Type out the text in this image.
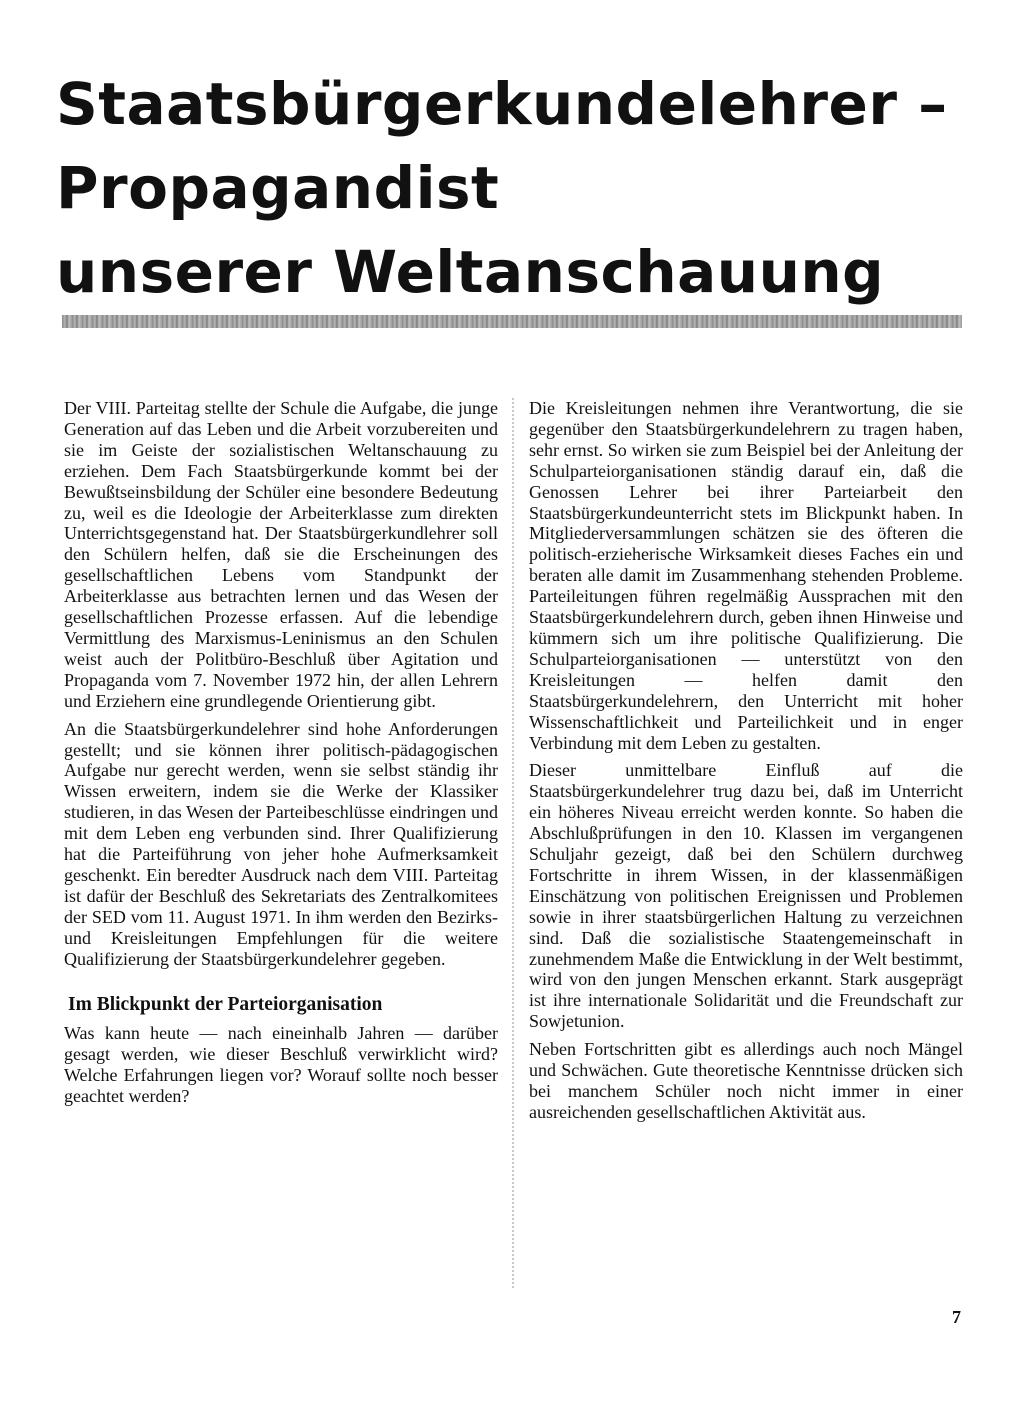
Staatsbürgerkundelehrer –
Propagandist
unserer Weltanschauung

Der VIII. Parteitag stellte der Schule die Aufgabe, die junge Generation auf das Leben und die Arbeit vorzubereiten und sie im Geiste der sozialistischen Weltanschauung zu erziehen. Dem Fach Staatsbürgerkunde kommt bei der Bewußtseinsbildung der Schüler eine besondere Bedeutung zu, weil es die Ideologie der Arbeiterklasse zum direkten Unterrichtsgegenstand hat. Der Staatsbürgerkundlehrer soll den Schülern helfen, daß sie die Erscheinungen des gesellschaftlichen Lebens vom Standpunkt der Arbeiterklasse aus betrachten lernen und das Wesen der gesellschaftlichen Prozesse erfassen. Auf die lebendige Vermittlung des Marxismus-Leninismus an den Schulen weist auch der Politbüro-Beschluß über Agitation und Propaganda vom 7. November 1972 hin, der allen Lehrern und Erziehern eine grundlegende Orientierung gibt.

An die Staatsbürgerkundelehrer sind hohe Anforderungen gestellt; und sie können ihrer politisch-pädagogischen Aufgabe nur gerecht werden, wenn sie selbst ständig ihr Wissen erweitern, indem sie die Werke der Klassiker studieren, in das Wesen der Parteibeschlüsse eindringen und mit dem Leben eng verbunden sind. Ihrer Qualifizierung hat die Parteiführung von jeher hohe Aufmerksamkeit geschenkt. Ein beredter Ausdruck nach dem VIII. Parteitag ist dafür der Beschluß des Sekretariats des Zentralkomitees der SED vom 11. August 1971. In ihm werden den Bezirks- und Kreisleitungen Empfehlungen für die weitere Qualifizierung der Staatsbürgerkundelehrer gegeben.

Im Blickpunkt der Parteiorganisation

Was kann heute — nach eineinhalb Jahren — darüber gesagt werden, wie dieser Beschluß verwirklicht wird? Welche Erfahrungen liegen vor? Worauf sollte noch besser geachtet werden?

Die Kreisleitungen nehmen ihre Verantwortung, die sie gegenüber den Staatsbürgerkundelehrern zu tragen haben, sehr ernst. So wirken sie zum Beispiel bei der Anleitung der Schulparteiorganisationen ständig darauf ein, daß die Genossen Lehrer bei ihrer Parteiarbeit den Staatsbürgerkundeunterricht stets im Blickpunkt haben. In Mitgliederversammlungen schätzen sie des öfteren die politisch-erzieherische Wirksamkeit dieses Faches ein und beraten alle damit im Zusammenhang stehenden Probleme. Parteileitungen führen regelmäßig Aussprachen mit den Staatsbürgerkundelehrern durch, geben ihnen Hinweise und kümmern sich um ihre politische Qualifizierung. Die Schulparteiorganisationen — unterstützt von den Kreisleitungen — helfen damit den Staatsbürgerkundelehrern, den Unterricht mit hoher Wissenschaftlichkeit und Parteilichkeit und in enger Verbindung mit dem Leben zu gestalten.

Dieser unmittelbare Einfluß auf die Staatsbürgerkundelehrer trug dazu bei, daß im Unterricht ein höheres Niveau erreicht werden konnte. So haben die Abschlußprüfungen in den 10. Klassen im vergangenen Schuljahr gezeigt, daß bei den Schülern durchweg Fortschritte in ihrem Wissen, in der klassenmäßigen Einschätzung von politischen Ereignissen und Problemen sowie in ihrer staatsbürgerlichen Haltung zu verzeichnen sind. Daß die sozialistische Staatengemeinschaft in zunehmendem Maße die Entwicklung in der Welt bestimmt, wird von den jungen Menschen erkannt. Stark ausgeprägt ist ihre internationale Solidarität und die Freundschaft zur Sowjetunion.

Neben Fortschritten gibt es allerdings auch noch Mängel und Schwächen. Gute theoretische Kenntnisse drücken sich bei manchem Schüler noch nicht immer in einer ausreichenden gesellschaftlichen Aktivität aus.

7
